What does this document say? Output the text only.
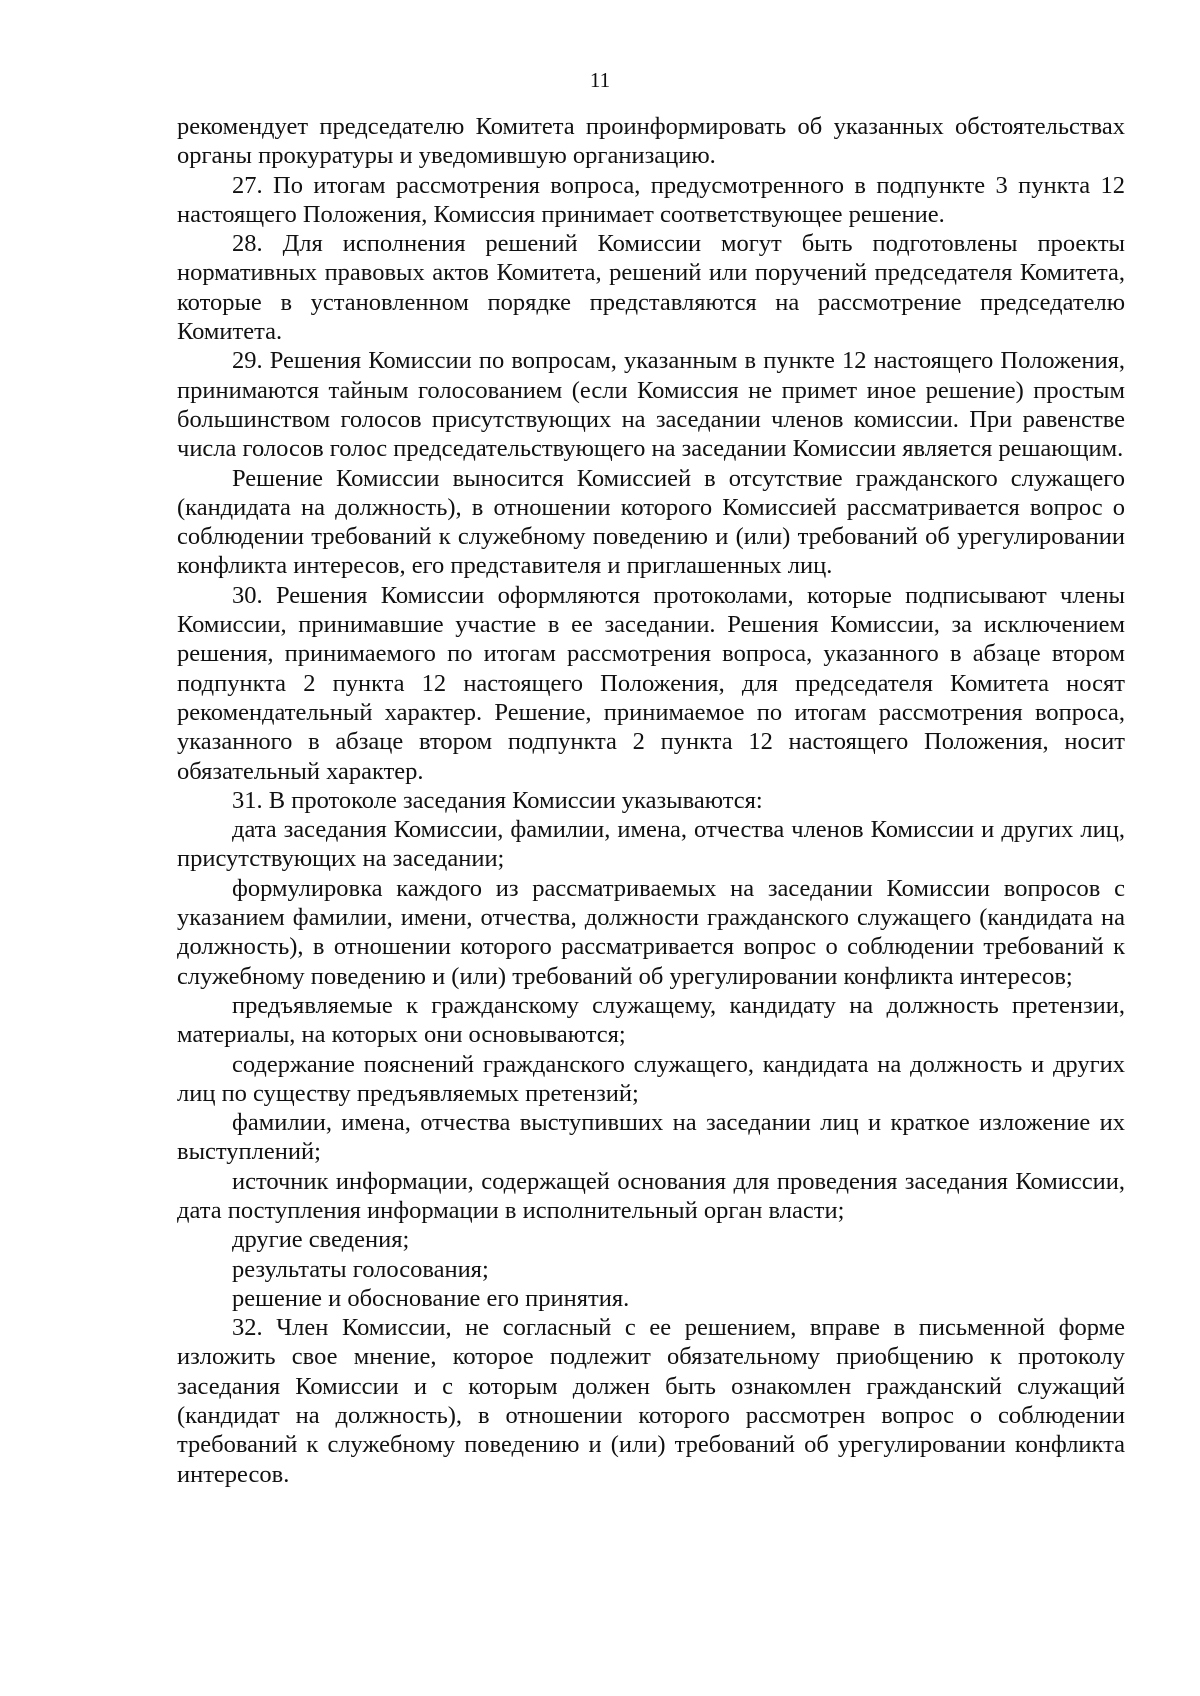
11

рекомендует председателю Комитета проинформировать об указанных обстоятельствах органы прокуратуры и уведомившую организацию.

27. По итогам рассмотрения вопроса, предусмотренного в подпункте 3 пункта 12 настоящего Положения, Комиссия принимает соответствующее решение.

28. Для исполнения решений Комиссии могут быть подготовлены проекты нормативных правовых актов Комитета, решений или поручений председателя Комитета, которые в установленном порядке представляются на рассмотрение председателю Комитета.

29. Решения Комиссии по вопросам, указанным в пункте 12 настоящего Положения, принимаются тайным голосованием (если Комиссия не примет иное решение) простым большинством голосов присутствующих на заседании членов комиссии. При равенстве числа голосов голос председательствующего на заседании Комиссии является решающим.

Решение Комиссии выносится Комиссией в отсутствие гражданского служащего (кандидата на должность), в отношении которого Комиссией рассматривается вопрос о соблюдении требований к служебному поведению и (или) требований об урегулировании конфликта интересов, его представителя и приглашенных лиц.

30. Решения Комиссии оформляются протоколами, которые подписывают члены Комиссии, принимавшие участие в ее заседании. Решения Комиссии, за исключением решения, принимаемого по итогам рассмотрения вопроса, указанного в абзаце втором подпункта 2 пункта 12 настоящего Положения, для председателя Комитета носят рекомендательный характер. Решение, принимаемое по итогам рассмотрения вопроса, указанного в абзаце втором подпункта 2 пункта 12 настоящего Положения, носит обязательный характер.

31. В протоколе заседания Комиссии указываются:

дата заседания Комиссии, фамилии, имена, отчества членов Комиссии и других лиц, присутствующих на заседании;

формулировка каждого из рассматриваемых на заседании Комиссии вопросов с указанием фамилии, имени, отчества, должности гражданского служащего (кандидата на должность), в отношении которого рассматривается вопрос о соблюдении требований к служебному поведению и (или) требований об урегулировании конфликта интересов;

предъявляемые к гражданскому служащему, кандидату на должность претензии, материалы, на которых они основываются;

содержание пояснений гражданского служащего, кандидата на должность и других лиц по существу предъявляемых претензий;

фамилии, имена, отчества выступивших на заседании лиц и краткое изложение их выступлений;

источник информации, содержащей основания для проведения заседания Комиссии, дата поступления информации в исполнительный орган власти;

другие сведения;

результаты голосования;

решение и обоснование его принятия.

32. Член Комиссии, не согласный с ее решением, вправе в письменной форме изложить свое мнение, которое подлежит обязательному приобщению к протоколу заседания Комиссии и с которым должен быть ознакомлен гражданский служащий (кандидат на должность), в отношении которого рассмотрен вопрос о соблюдении требований к служебному поведению и (или) требований об урегулировании конфликта интересов.
